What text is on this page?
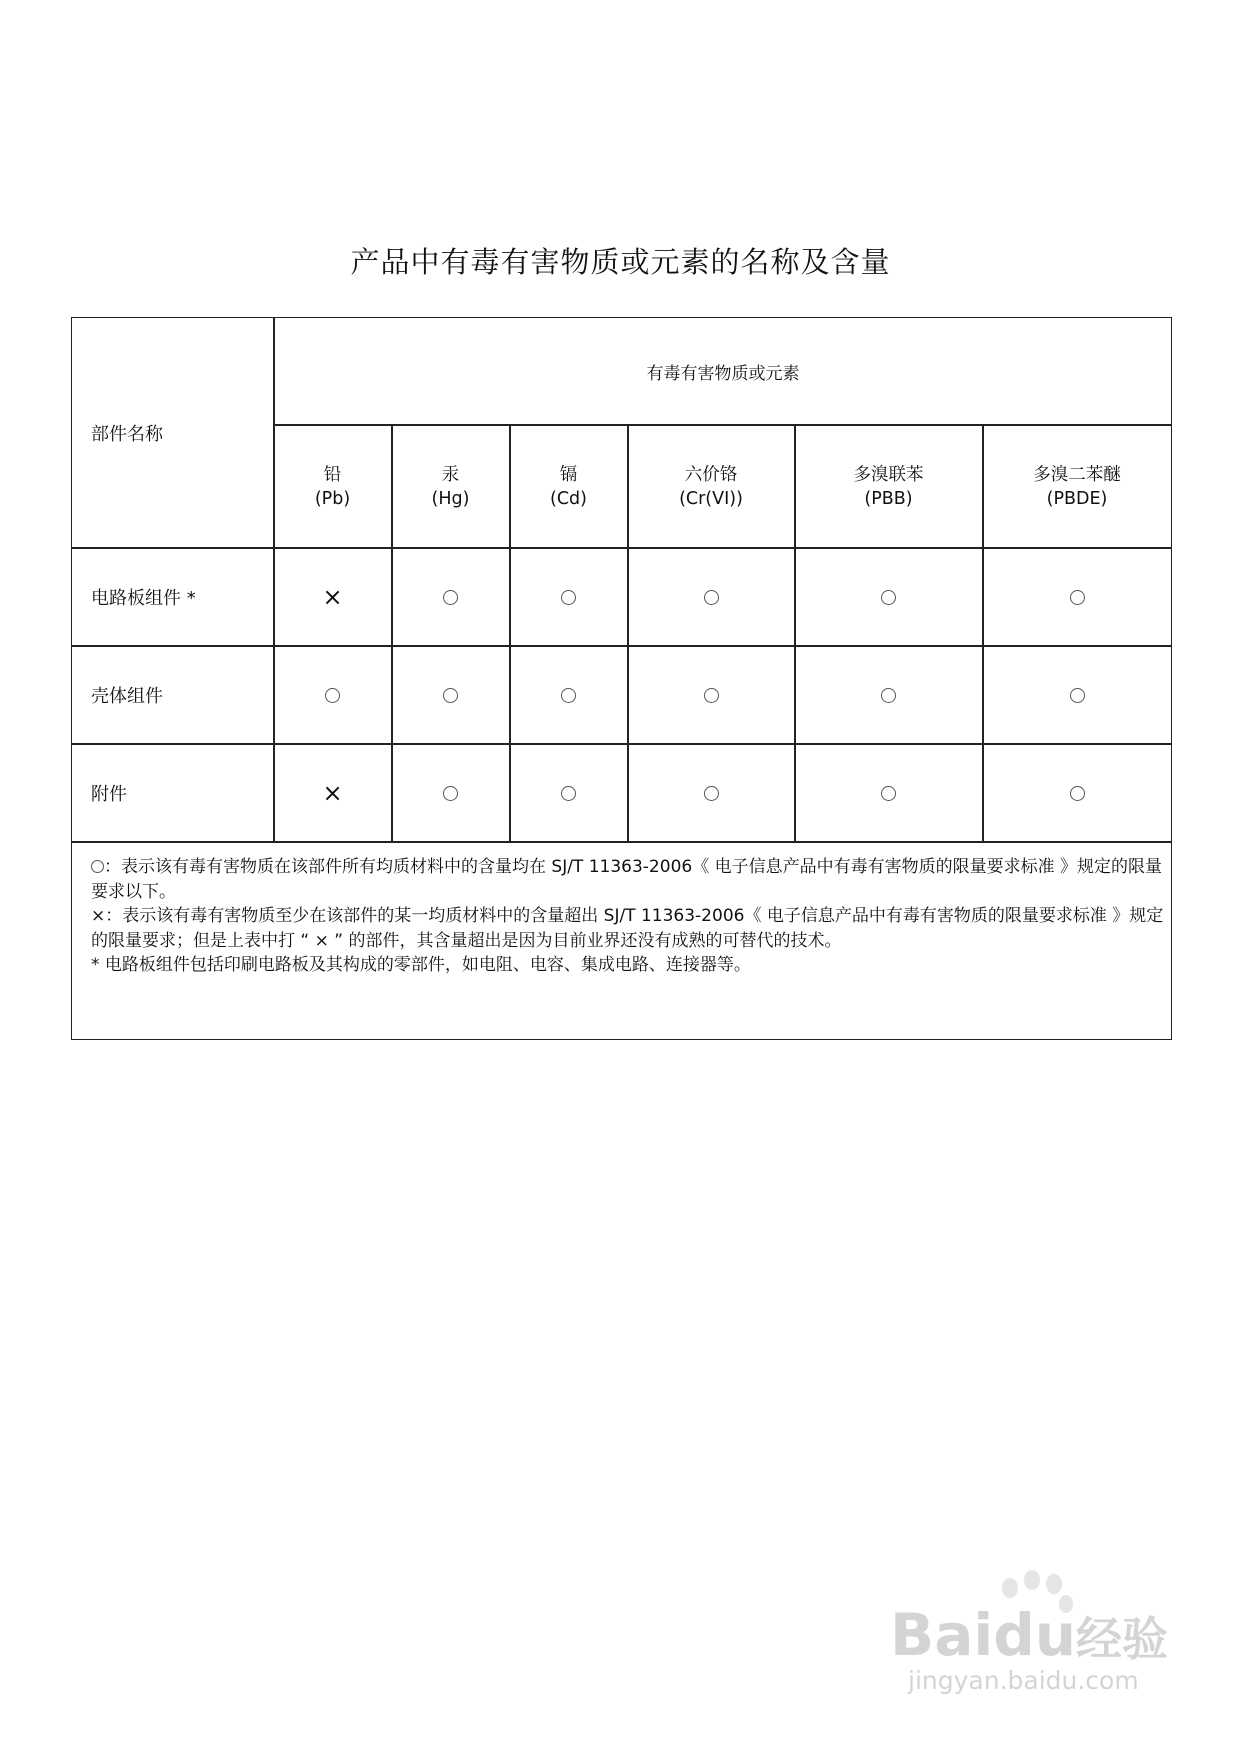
产品中有毒有害物质或元素的名称及含量
部件名称
有毒有害物质或元素
铅
(Pb)
汞
(Hg)
镉
(Cd)
六价铬
(Cr(VI))
多溴联苯
(PBB)
多溴二苯醚
(PBDE)
电路板组件 *
壳体组件
附件
×
×

：表示该有毒有害物质在该部件所有均质材料中的含量均在 SJ/T 11363-2006《 电子信息产品中有毒有害物质的限量要求标准 》规定的限量要求以下。

×：表示该有毒有害物质至少在该部件的某一均质材料中的含量超出 SJ/T 11363-2006《 电子信息产品中有毒有害物质的限量要求标准 》规定的限量要求；但是上表中打 “ × ” 的部件，其含量超出是因为目前业界还没有成熟的可替代的技术。

* 电路板组件包括印刷电路板及其构成的零部件，如电阻、电容、集成电路、连接器等。

Baidu经验
jingyan.baidu.com
